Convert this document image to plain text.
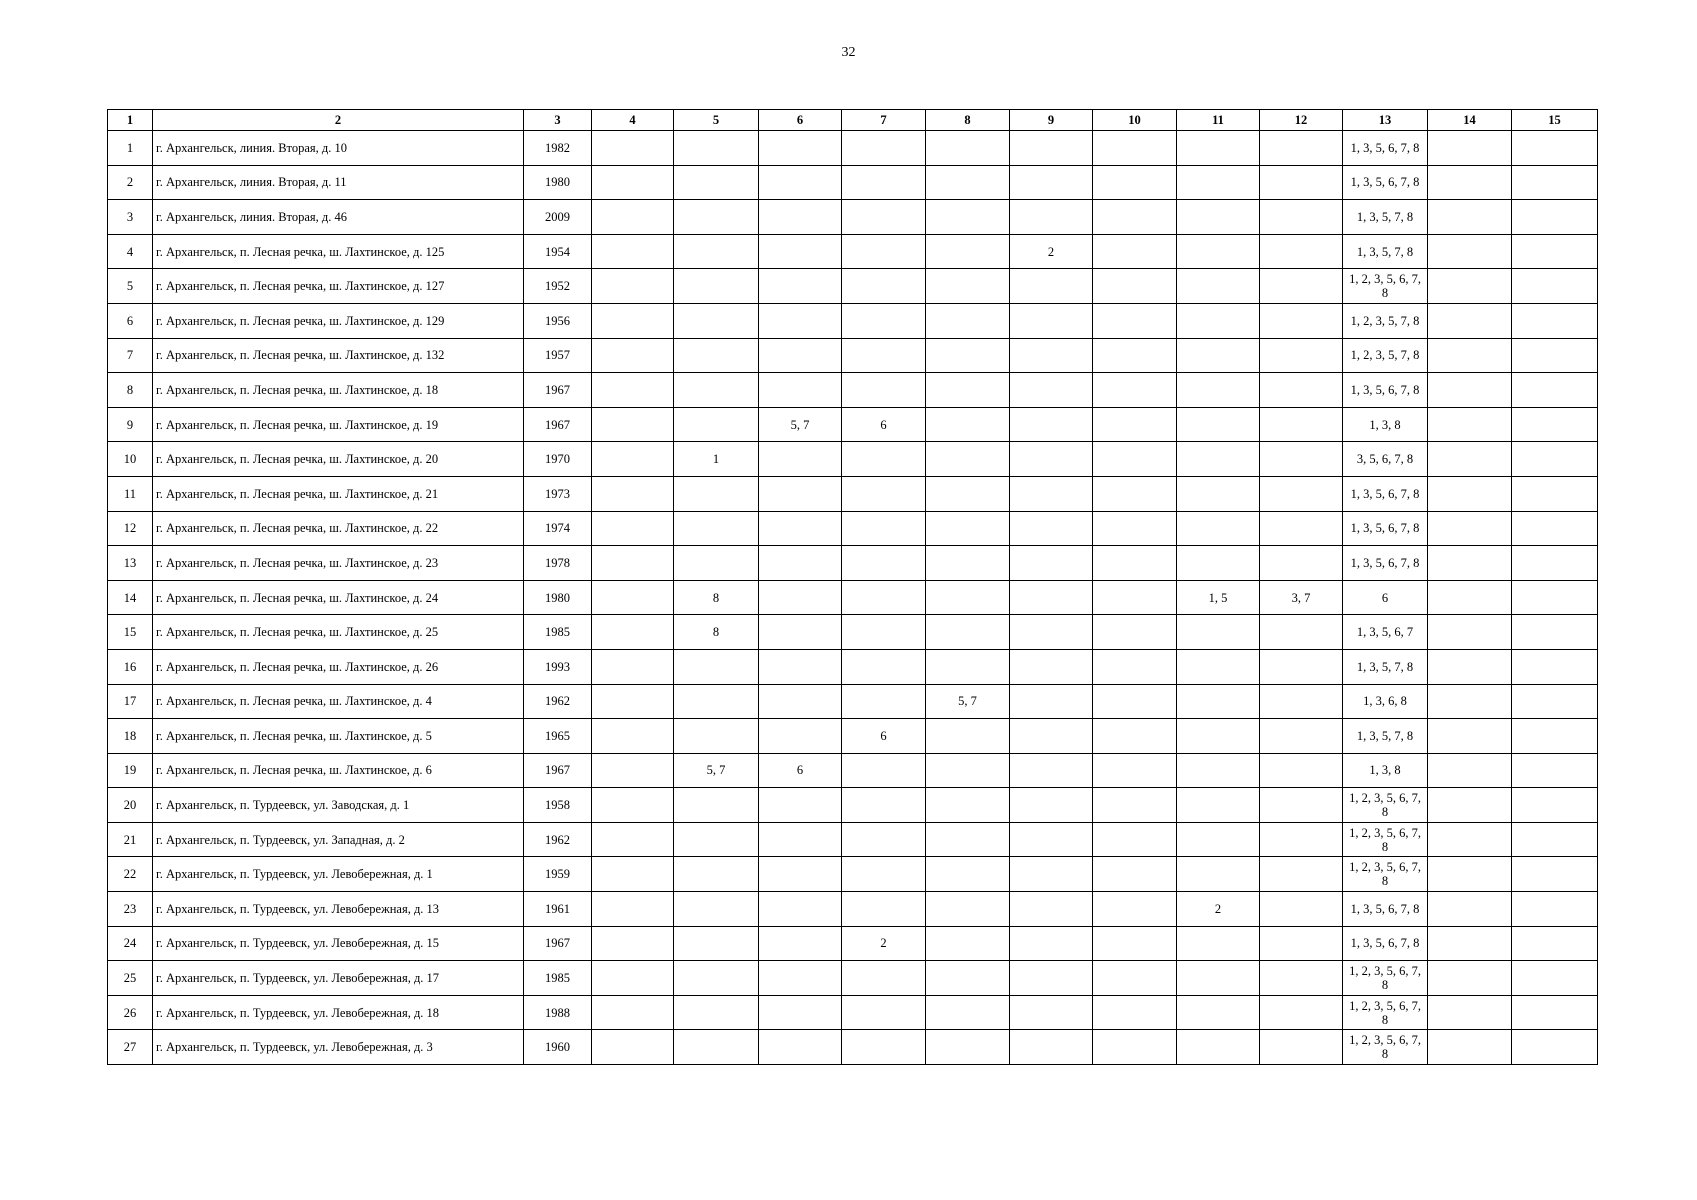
32
1	2	3	4	5	6	7	8	9	10	11	12	13	14	15
1	г. Архангельск, линия. Вторая, д. 10	1982										1, 3, 5, 6, 7, 8		
2	г. Архангельск, линия. Вторая, д. 11	1980										1, 3, 5, 6, 7, 8		
3	г. Архангельск, линия. Вторая, д. 46	2009										1, 3, 5, 7, 8		
4	г. Архангельск, п. Лесная речка, ш. Лахтинское, д. 125	1954						2				1, 3, 5, 7, 8		
5	г. Архангельск, п. Лесная речка, ш. Лахтинское, д. 127	1952										1, 2, 3, 5, 6, 7, 8		
6	г. Архангельск, п. Лесная речка, ш. Лахтинское, д. 129	1956										1, 2, 3, 5, 7, 8		
7	г. Архангельск, п. Лесная речка, ш. Лахтинское, д. 132	1957										1, 2, 3, 5, 7, 8		
8	г. Архангельск, п. Лесная речка, ш. Лахтинское, д. 18	1967										1, 3, 5, 6, 7, 8		
9	г. Архангельск, п. Лесная речка, ш. Лахтинское, д. 19	1967			5, 7	6						1, 3, 8		
10	г. Архангельск, п. Лесная речка, ш. Лахтинское, д. 20	1970		1								3, 5, 6, 7, 8		
11	г. Архангельск, п. Лесная речка, ш. Лахтинское, д. 21	1973										1, 3, 5, 6, 7, 8		
12	г. Архангельск, п. Лесная речка, ш. Лахтинское, д. 22	1974										1, 3, 5, 6, 7, 8		
13	г. Архангельск, п. Лесная речка, ш. Лахтинское, д. 23	1978										1, 3, 5, 6, 7, 8		
14	г. Архангельск, п. Лесная речка, ш. Лахтинское, д. 24	1980		8						1, 5	3, 7	6		
15	г. Архангельск, п. Лесная речка, ш. Лахтинское, д. 25	1985		8								1, 3, 5, 6, 7		
16	г. Архангельск, п. Лесная речка, ш. Лахтинское, д. 26	1993										1, 3, 5, 7, 8		
17	г. Архангельск, п. Лесная речка, ш. Лахтинское, д. 4	1962					5, 7					1, 3, 6, 8		
18	г. Архангельск, п. Лесная речка, ш. Лахтинское, д. 5	1965				6						1, 3, 5, 7, 8		
19	г. Архангельск, п. Лесная речка, ш. Лахтинское, д. 6	1967		5, 7	6							1, 3, 8		
20	г. Архангельск, п. Турдеевск, ул. Заводская, д. 1	1958										1, 2, 3, 5, 6, 7, 8		
21	г. Архангельск, п. Турдеевск, ул. Западная, д. 2	1962										1, 2, 3, 5, 6, 7, 8		
22	г. Архангельск, п. Турдеевск, ул. Левобережная, д. 1	1959										1, 2, 3, 5, 6, 7, 8		
23	г. Архангельск, п. Турдеевск, ул. Левобережная, д. 13	1961								2		1, 3, 5, 6, 7, 8		
24	г. Архангельск, п. Турдеевск, ул. Левобережная, д. 15	1967				2						1, 3, 5, 6, 7, 8		
25	г. Архангельск, п. Турдеевск, ул. Левобережная, д. 17	1985										1, 2, 3, 5, 6, 7, 8		
26	г. Архангельск, п. Турдеевск, ул. Левобережная, д. 18	1988										1, 2, 3, 5, 6, 7, 8		
27	г. Архангельск, п. Турдеевск, ул. Левобережная, д. 3	1960										1, 2, 3, 5, 6, 7, 8		
